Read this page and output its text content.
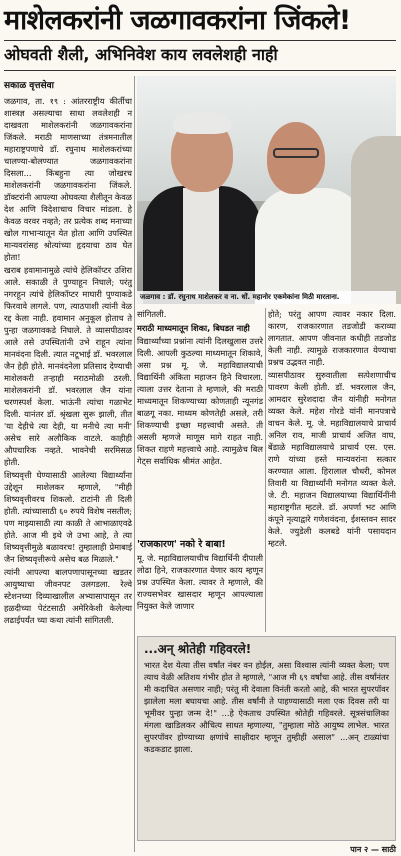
माशेलकरांनी जळगावकरांना जिंकले!
ओघवती शैली, अभिनिवेश काय लवलेशही नाही
सकाळ वृत्तसेवा

जळगाव, ता. १९ : आंतरराष्ट्रीय कीर्तीचा शास्त्रज्ञ असल्याचा साधा लवलेशही न दाखवता माशेलकरांनी जळगावकरांना जिंकले. मराठी माणसाच्या तंत्रमनातील महाराष्ट्रपणाचे डॉ. रघुनाथ माशेलकरांच्या चालण्या-बोलण्यात जळगावकरांना दिसला... किंबहुना त्या जोखरच माशेलकरांनी जळगावकरांना जिंकले. डॉक्टरांनी आपल्या ओघवत्या शैलीतून केवळ देश आणि विदेशाचाच विचार मांडला. हे केवळ वरवर नव्हते; तर प्रत्येक शब्द मनाच्या खोल गाभाऱ्यातून येत होता आणि उपस्थित मान्यवरांसह श्रोत्यांच्या हृदयाचा ठाव घेत होता!

खराब हवामानामुळे त्यांचे हेलिकॉप्टर उशिरा आले. सकाळी ते पुण्याहून निघाले; परंतु नगरहून त्यांचे हेलिकॉप्टर माघारी पुण्याकडे फिरवावे लागले. पण, त्याठपाशी त्यांनी वेळ रद्द केला नाही. हवामान अनुकूल होताच ते पुन्हा जळगावकडे निघाले. ते व्यासपीठावर आले तसे उपस्थितांनी उभे राहून त्यांना मानवंदना दिली. त्यात नटूभाई डॉ. भवरलाल जैन हेही होते. मानवंदनेला प्रतिसाद देण्याची माशेलकरी तऱ्हाही मराठमोळी ठरली. माशेलकरांनी डॉ. भवरलाल जैन यांना चरणस्पर्श केला. भाऊंनी त्यांचा गळाभेट दिली. यानंतर डॉ. श्रृंखला सुरू झाली, तीत 'या देहीचे त्या देही, या मनीचे त्या मनी' असेच सारे अलौकिक वाटले. काहीही औपचारिक नव्हते. भावनेची सरमिसळ होती.

शिष्यवृत्ती घेण्यासाठी आलेल्या विद्यार्थ्यांना उद्देशून माशेलकर म्हणाले, "मीही शिष्यवृत्तीवरच शिकलो. टाटांनी ती दिली होती. त्यांच्यासाठी ६० रुपये विशेष नसतील; पण माझ्यासाठी त्या काळी ते आभाळाएवढे होते. आज मी इथे जे उभा आहे, ते त्या शिष्यवृत्तीमुळे बळावरच! तुम्हालाही प्रेमाबाई जैन शिष्यवृत्तीरूपे असेच बळ मिळाले."

त्यांनी आपल्या बालपणापासूनच्या खडतर आयुष्याचा जीवनपट उलगडला. रेल्वे स्टेशनच्या दिव्याखालील अभ्यासापासून तर हळदीच्या पेटंटसाठी अमेरिकेशी केलेल्या लढाईपर्यंत च्या कथा त्यांनी सांगितली.

जळगाव : डॉ. रघुनाथ माशेलकर व ना. धों. महानोर एकमेकांना मिठी मारताना.

सांगितली.

मराठी माध्यमातून शिका, बिघडत नाही

विद्यार्थ्यांच्या प्रश्नांना त्यांनी दिलखुलास उत्तरे दिली. आपली कुठल्या माध्यमातून शिकावे, असा प्रश्न मू. जे. महाविद्यालयाची विद्यार्थिनी अंकिता महाजन हिने विचारला. त्याला उत्तर देताना ते म्हणाले, की मराठी माध्यमातून शिकण्याच्या कोणताही न्यूनगंड बाळगू नका. माध्यम कोणतेही असले, तरी शिकण्याची इच्छा महत्त्वाची असते. ती असली म्हणजे माणूस मागे राहत नाही. शिकत राहणे महत्त्वाचे आहे. त्यामुळेच बिल गेट्स सर्वाधिक श्रीमंत आहेत.

'राजकारण' नको रे बाबा!

मू. जे. महाविद्यालयाचीच विद्यार्थिनी दीपाली लोढा हिने, राजकारणात येणार काय म्हणून प्रश्न उपस्थित केला. त्यावर ते म्हणाले, की राज्यसभेवर खासदार म्हणून आपल्याला नियुक्त केले जाणार

होते; परंतु आपण त्यावर नकार दिला. कारण, राजकारणात तडजोडी कराव्या लागतात. आपण जीवनात कधीही तडजोड केली नाही. त्यामुळे राजकारणात येण्याचा प्रश्नच उद्भवत नाही.

व्यासपीठावर सुरुवातीला सत्पेशणाचीच पावरण केली होती. डॉ. भवरलाल जैन, आमदार सुरेशदादा जैन यांनीही मनोगत व्यक्त केले. महेश गोरडे यांनी मानपत्राचे वाचन केले. मू. जे. महाविद्यालयाचे प्राचार्य अनिल राव, माजी प्राचार्य अजित वाघ, बेंडाळे महाविद्यालयाचे प्राचार्य एस. एस. राणे यांच्या हस्ते मान्यवरांना सत्कार करण्यात आला. हिरालाल चौधरी, कोमल तिवारी या विद्यार्थ्यांनी मनोगत व्यक्त केले. जे. टी. महाजन विद्यालयाच्या विद्यार्थिनींनी महाराष्ट्रगीत म्हटले. डॉ. अपर्णा भट आणि कंपूने नृत्याद्वारे गणेशवंदना, ईशस्तवन सादर केले. ज्युडेली कलबडे यांनी पसायदान म्हटले.

...अन् श्रोतेही गहिवरले!
भारत देश येत्या तीस वर्षांत नंबर वन होईल, असा विश्वास त्यांनी व्यक्त केला; पण त्याच वेळी अतिशय गंभीर होत ते म्हणाले, "आज मी ६९ वर्षांचा आहे. तीस वर्षांनंतर मी कदाचित असणार नाही; परंतु मी देवाला विनंती करतो आहे, की भारत सुपरपॉवर झालेला मला बघायचा आहे. तीस वर्षांनी ते पाहण्यासाठी मला एक दिवस तरी या भूमीवर पुन्हा जन्म दे!" ...हे ऐकताच उपस्थित श्रोतेही गहिवरले. सूत्रसंचालिका मंगला खाडिलकर औचित्य साधत म्हणाल्या, "तुम्हाला मोठे आयुष्य लाभेल. भारत सुपरपॉवर होण्याच्या क्षणांचे साक्षीदार म्हणून तुम्हीही असाल" ...अन् टाळ्यांचा कडकडाट झाला.
पान २ — साठी
